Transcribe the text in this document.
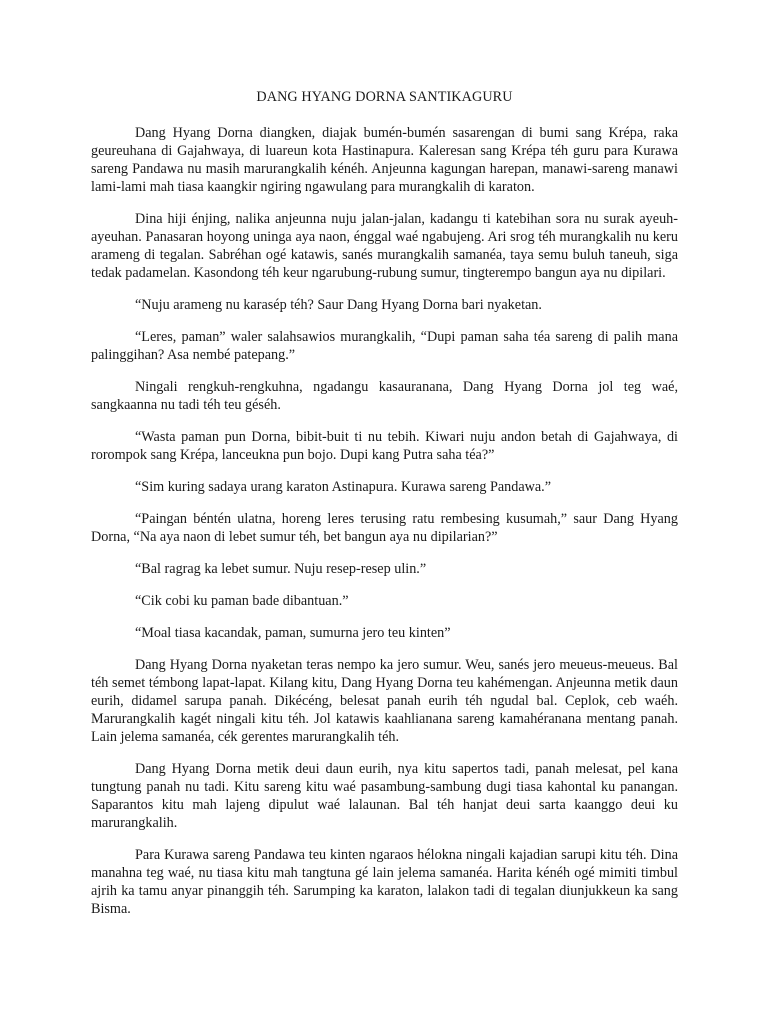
DANG HYANG DORNA SANTIKAGURU

Dang Hyang Dorna diangken, diajak bumén-bumén sasarengan di bumi sang Krépa, raka geureuhana di Gajahwaya, di luareun kota Hastinapura. Kaleresan sang Krépa téh guru para Kurawa sareng Pandawa nu masih marurangkalih kénéh. Anjeunna kagungan harepan, manawi-sareng manawi lami-lami mah tiasa kaangkir ngiring ngawulang para murangkalih di karaton.

Dina hiji énjing, nalika anjeunna nuju jalan-jalan, kadangu ti katebihan sora nu surak ayeuh-ayeuhan. Panasaran hoyong uninga aya naon, énggal waé ngabujeng. Ari srog téh murangkalih nu keru arameng di tegalan. Sabréhan ogé katawis, sanés murangkalih samanéa, taya semu buluh taneuh, siga tedak padamelan. Kasondong téh keur ngarubung-rubung sumur, tingterempo bangun aya nu dipilari.

“Nuju arameng nu karasép téh? Saur Dang Hyang Dorna bari nyaketan.

“Leres, paman” waler salahsawios murangkalih, “Dupi paman saha téa sareng di palih mana palinggihan? Asa nembé patepang.”

Ningali rengkuh-rengkuhna, ngadangu kasauranana, Dang Hyang Dorna jol teg waé, sangkaanna nu tadi téh teu géséh.

“Wasta paman pun Dorna, bibit-buit ti nu tebih. Kiwari nuju andon betah di Gajahwaya, di rorompok sang Krépa, lanceukna pun bojo. Dupi kang Putra saha téa?”

“Sim kuring sadaya urang karaton Astinapura. Kurawa sareng Pandawa.”

“Paingan béntén ulatna, horeng leres terusing ratu rembesing kusumah,” saur Dang Hyang Dorna, “Na aya naon di lebet sumur téh, bet bangun aya nu dipilarian?”

“Bal ragrag ka lebet sumur. Nuju resep-resep ulin.”

“Cik cobi ku paman bade dibantuan.”

“Moal tiasa kacandak, paman, sumurna jero teu kinten”

Dang Hyang Dorna nyaketan teras nempo ka jero sumur. Weu, sanés jero meueus-meueus. Bal téh semet témbong lapat-lapat. Kilang kitu, Dang Hyang Dorna teu kahémengan. Anjeunna metik daun eurih, didamel sarupa panah. Dikécéng, belesat panah eurih téh ngudal bal. Ceplok, ceb waéh. Marurangkalih kagét ningali kitu téh. Jol katawis kaahlianana sareng kamahéranana mentang panah. Lain jelema samanéa, cék gerentes marurangkalih téh.

Dang Hyang Dorna metik deui daun eurih, nya kitu sapertos tadi, panah melesat, pel kana tungtung panah nu tadi. Kitu sareng kitu waé pasambung-sambung dugi tiasa kahontal ku panangan. Saparantos kitu mah lajeng dipulut waé lalaunan. Bal téh hanjat deui sarta kaanggo deui ku marurangkalih.

Para Kurawa sareng Pandawa teu kinten ngaraos hélokna ningali kajadian sarupi kitu téh. Dina manahna teg waé, nu tiasa kitu mah tangtuna gé lain jelema samanéa. Harita kénéh ogé mimiti timbul ajrih ka tamu anyar pinanggih téh. Sarumping ka karaton, lalakon tadi di tegalan diunjukkeun ka sang Bisma.
